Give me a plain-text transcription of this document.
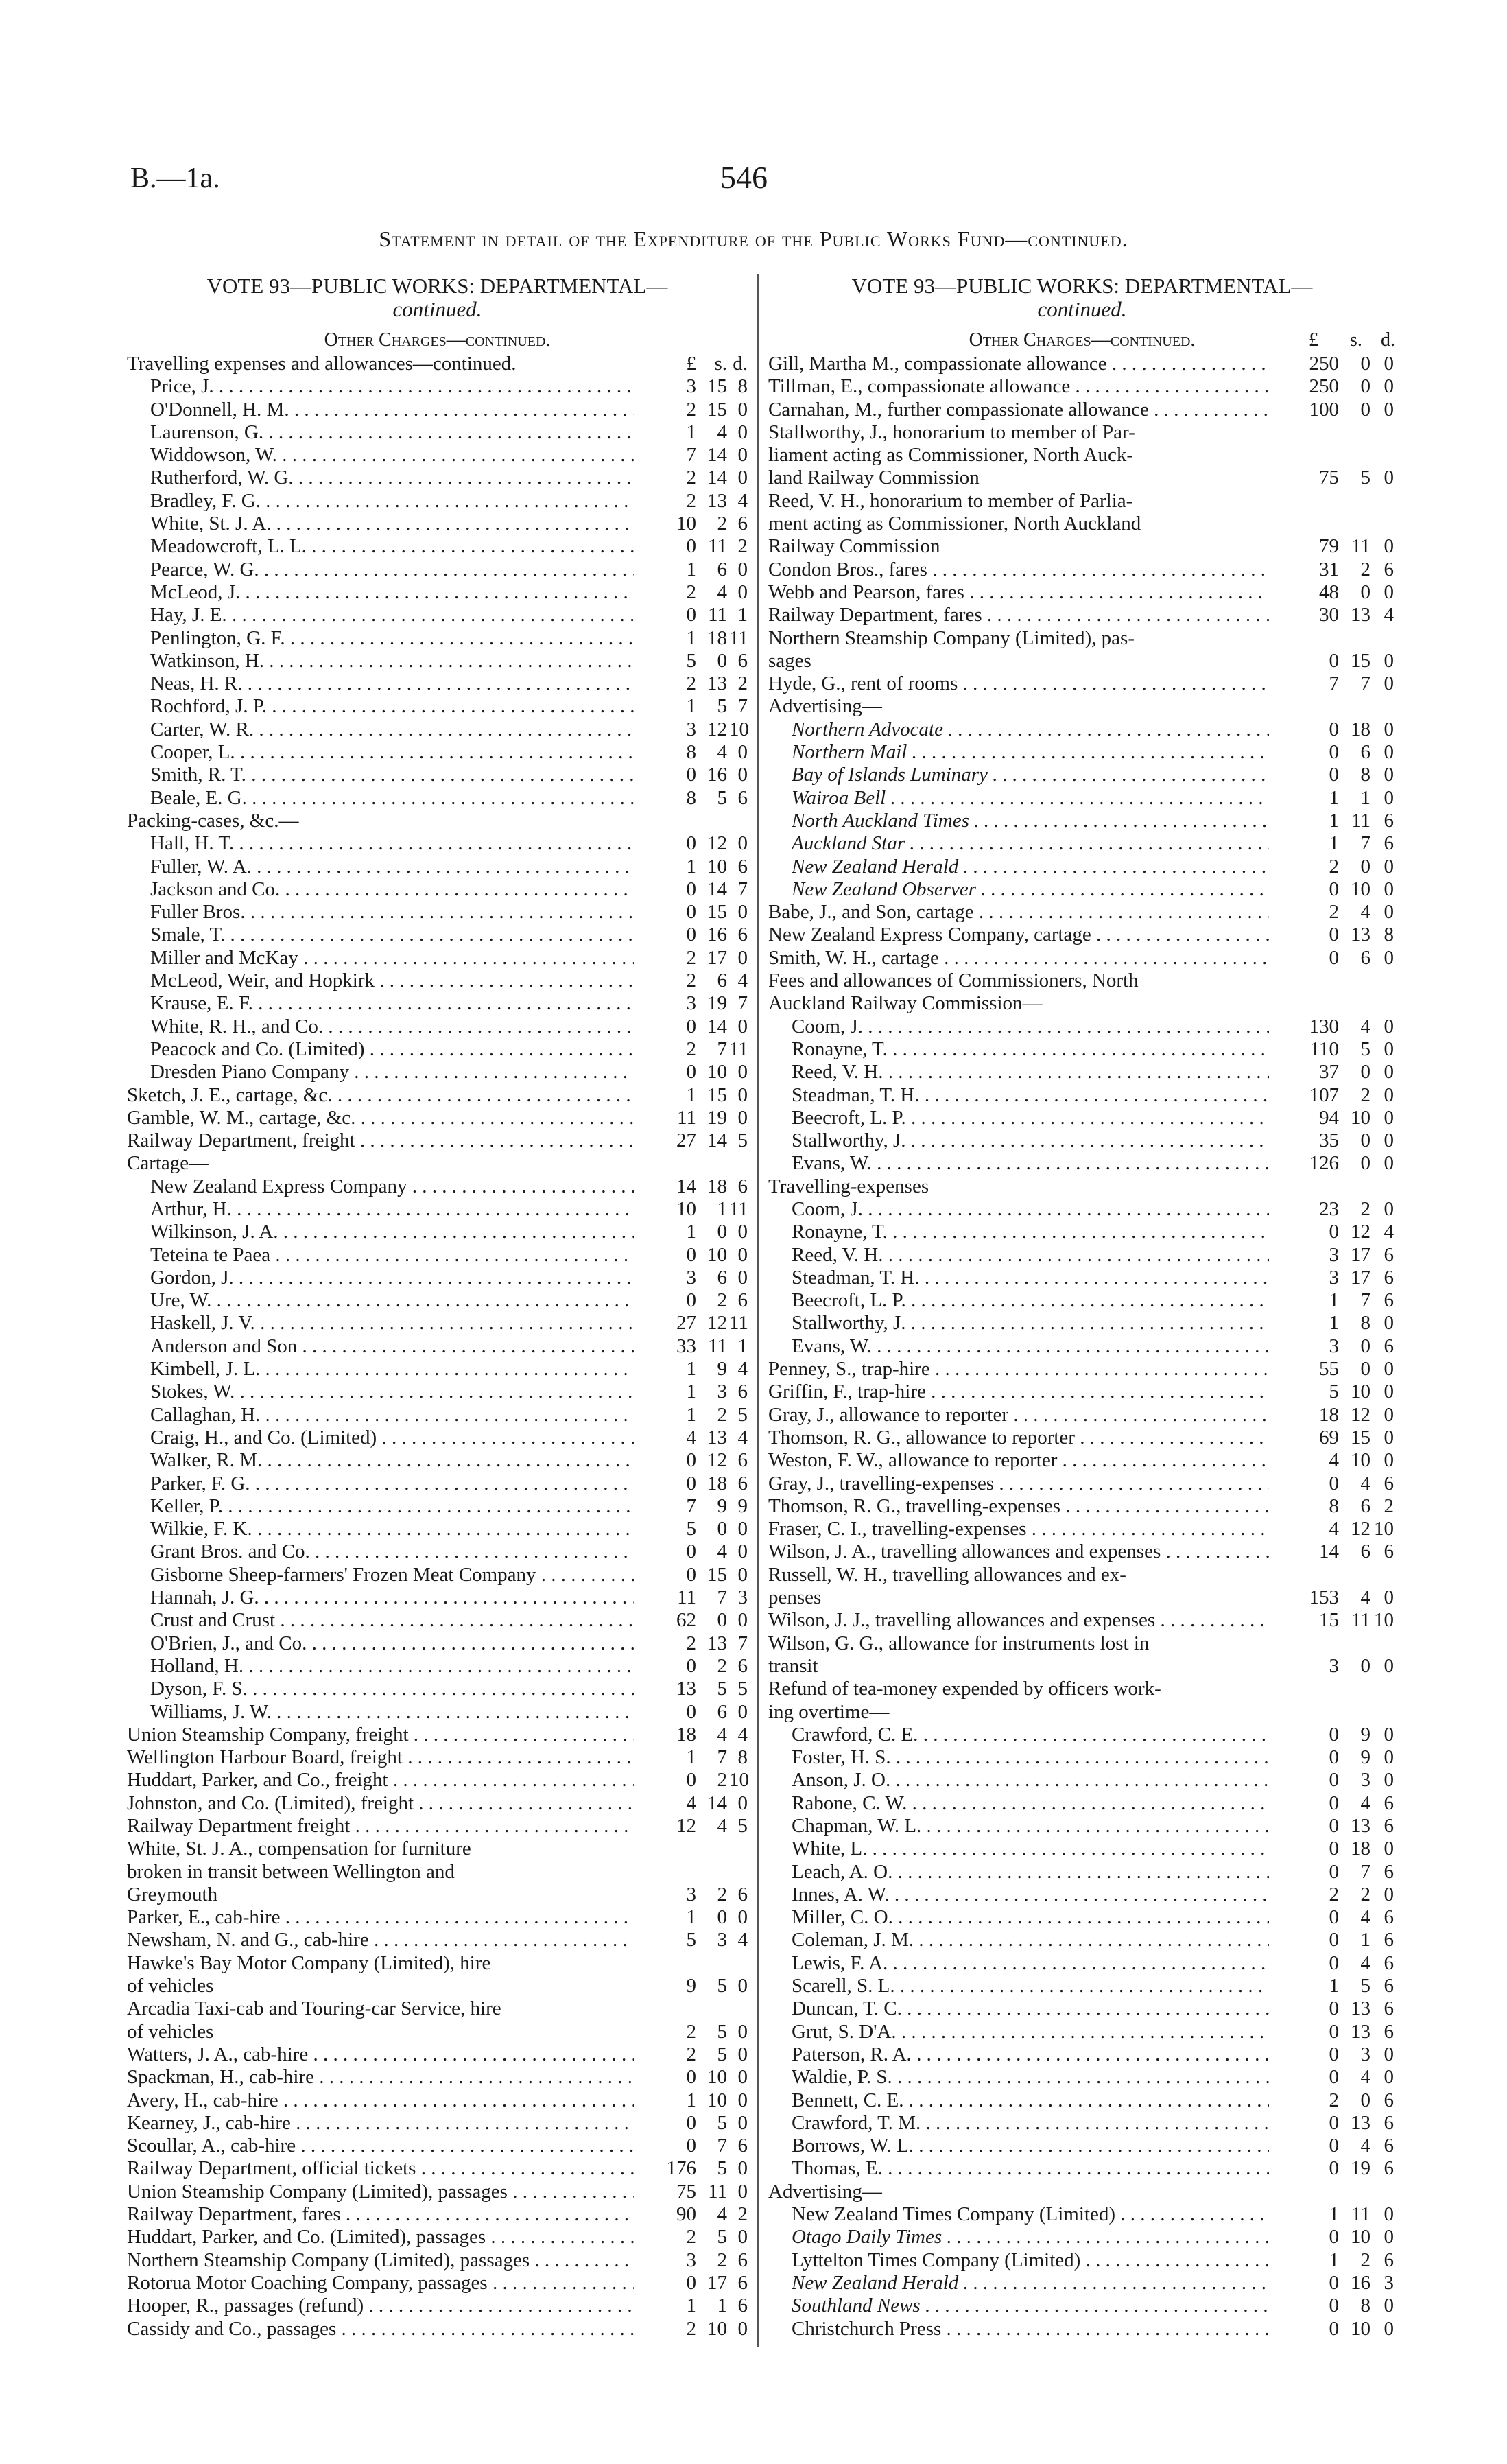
B.—1a.	546
Statement in detail of the Expenditure of the Public Works Fund—continued.
VOTE 93—PUBLIC WORKS: DEPARTMENTAL—
continued.
Other Charges—continued.
Travelling expenses and allowances—continued.	£ s. d.
Price, J. . .	3 15 8
O'Donnell, H. M. . .	2 15 0
Laurenson, G. . .	1	4 0
Widdowson, W. . .	7 14 0
Rutherford, W. G. . .	2 14 0
Bradley, F. G. . .	2 13 4
White, St. J. A. . .	10	2 6
Meadowcroft, L. L. . .	0 11 2
Pearce, W. G. . .	1	6 0
McLeod, J. . .	2	4 0
Hay, J. E. . .	0 11 1
Penlington, G. F. . .	1 18 11
Watkinson, H. . .	5	0 6
Neas, H. R. . .	2 13 2
Rochford, J. P. . .	1	5 7
Carter, W. R. . .	3 12 10
Cooper, L. . .	8	4 0
Smith, R. T. . .	0 16 0
Beale, E. G. . .	8	5 6
Packing-cases, &c.—
Hall, H. T. . .	0 12 0
Fuller, W. A. . .	1 10 6
Jackson and Co. . .	0 14 7
Fuller Bros. . .	0 15 0
Smale, T. . .	0 16 6
Miller and McKay . .	2 17 0
McLeod, Weir, and Hopkirk . .	2	6 4
Krause, E. F. . .	3 19 7
White, R. H., and Co. . .	0 14 0
Peacock and Co. (Limited) . .	2	7 11
Dresden Piano Company . .	0 10 0
Sketch, J. E., cartage, &c. . .	1 15 0
Gamble, W. M., cartage, &c. . .	11 19 0
Railway Department, freight . .	27 14 5
Cartage—
New Zealand Express Company . .	14 18 6
Arthur, H. . .	10	1 11
Wilkinson, J. A. . .	1	0 0
Teteina te Paea . .	0 10 0
Gordon, J. . .	3	6 0
Ure, W. . .	0	2 6
Haskell, J. V. . .	27 12 11
Anderson and Son . .	33 11 1
Kimbell, J. L. . .	1	9 4
Stokes, W. . .	1	3 6
Callaghan, H. . .	1	2 5
Craig, H., and Co. (Limited) . .	4 13 4
Walker, R. M. . .	0 12 6
Parker, F. G. . .	0 18 6
Keller, P. . .	7	9 9
Wilkie, F. K. . .	5	0 0
Grant Bros. and Co. . .	0	4 0
Gisborne Sheep-farmers' Frozen Meat Company . .	0 15 0
Hannah, J. G. . .	11	7 3
Crust and Crust . .	62	0 0
O'Brien, J., and Co. . .	2 13 7
Holland, H. . .	0	2 6
Dyson, F. S. . .	13	5 5
Williams, J. W. . .	0	6 0
Union Steamship Company, freight . .	18	4 4
Wellington Harbour Board, freight . .	1	7 8
Huddart, Parker, and Co., freight . .	0	2 10
Johnston, and Co. (Limited), freight . .	4 14 0
Railway Department freight . .	12	4 5
White, St. J. A., compensation for furniture
broken in transit between Wellington and
Greymouth	3	2 6
Parker, E., cab-hire . .	1	0 0
Newsham, N. and G., cab-hire . .	5	3 4
Hawke's Bay Motor Company (Limited), hire
of vehicles	9	5 0
Arcadia Taxi-cab and Touring-car Service, hire
of vehicles	2	5 0
Watters, J. A., cab-hire . .	2	5 0
Spackman, H., cab-hire . .	0 10 0
Avery, H., cab-hire . .	1 10 0
Kearney, J., cab-hire . .	0	5 0
Scoullar, A., cab-hire . .	0	7 6
Railway Department, official tickets . .	176	5 0
Union Steamship Company (Limited), passages . .	75 11 0
Railway Department, fares . .	90	4 2
Huddart, Parker, and Co. (Limited), passages . .	2	5 0
Northern Steamship Company (Limited), passages . .	3	2 6
Rotorua Motor Coaching Company, passages . .	0 17 6
Hooper, R., passages (refund) . .	1	1 6
Cassidy and Co., passages . .	2 10 0
VOTE 93—PUBLIC WORKS: DEPARTMENTAL—
continued.
Other Charges—continued.	£ s. d.
Gill, Martha M., compassionate allowance . .	250	0 0
Tillman, E., compassionate allowance . .	250	0 0
Carnahan, M., further compassionate allowance . .	100	0 0
Stallworthy, J., honorarium to member of Par-
liament acting as Commissioner, North Auck-
land Railway Commission	75	5 0
Reed, V. H., honorarium to member of Parlia-
ment acting as Commissioner, North Auckland
Railway Commission	79 11 0
Condon Bros., fares . .	31	2 6
Webb and Pearson, fares . .	48	0 0
Railway Department, fares . .	30 13 4
Northern Steamship Company (Limited), pas-
sages	0 15 0
Hyde, G., rent of rooms . .	7	7 0
Advertising—
Northern Advocate . .	0 18 0
Northern Mail . .	0	6 0
Bay of Islands Luminary . .	0	8 0
Wairoa Bell . .	1	1 0
North Auckland Times . .	1 11 6
Auckland Star . .	1	7 6
New Zealand Herald . .	2	0 0
New Zealand Observer . .	0 10 0
Babe, J., and Son, cartage . .	2	4 0
New Zealand Express Company, cartage . .	0 13 8
Smith, W. H., cartage . .	0	6 0
Fees and allowances of Commissioners, North
Auckland Railway Commission—
Coom, J. . .	130	4 0
Ronayne, T. . .	110	5 0
Reed, V. H. . .	37	0 0
Steadman, T. H. . .	107	2 0
Beecroft, L. P. . .	94 10 0
Stallworthy, J. . .	35	0 0
Evans, W. . .	126	0 0
Travelling-expenses
Coom, J. . .	23	2 0
Ronayne, T. . .	0 12 4
Reed, V. H. . .	3 17 6
Steadman, T. H. . .	3 17 6
Beecroft, L. P. . .	1	7 6
Stallworthy, J. . .	1	8 0
Evans, W. . .	3	0 6
Penney, S., trap-hire . .	55	0 0
Griffin, F., trap-hire . .	5 10 0
Gray, J., allowance to reporter . .	18 12 0
Thomson, R. G., allowance to reporter . .	69 15 0
Weston, F. W., allowance to reporter . .	4 10 0
Gray, J., travelling-expenses . .	0	4 6
Thomson, R. G., travelling-expenses . .	8	6 2
Fraser, C. I., travelling-expenses . .	4 12 10
Wilson, J. A., travelling allowances and expenses . .	14	6 6
Russell, W. H., travelling allowances and ex-
penses	153	4 0
Wilson, J. J., travelling allowances and expenses . .	15 11 10
Wilson, G. G., allowance for instruments lost in
transit	3	0 0
Refund of tea-money expended by officers work-
ing overtime—
Crawford, C. E. . .	0	9 0
Foster, H. S. . .	0	9 0
Anson, J. O. . .	0	3 0
Rabone, C. W. . .	0	4 6
Chapman, W. L. . .	0 13 6
White, L. . .	0 18 0
Leach, A. O. . .	0	7 6
Innes, A. W. . .	2	2 0
Miller, C. O. . .	0	4 6
Coleman, J. M. . .	0	1 6
Lewis, F. A. . .	0	4 6
Scarell, S. L. . .	1	5 6
Duncan, T. C. . .	0 13 6
Grut, S. D'A. . .	0 13 6
Paterson, R. A. . .	0	3 0
Waldie, P. S. . .	0	4 0
Bennett, C. E. . .	2	0 6
Crawford, T. M. . .	0 13 6
Borrows, W. L. . .	0	4 6
Thomas, E. . .	0 19 6
Advertising—
New Zealand Times Company (Limited) . .	1 11 0
Otago Daily Times . .	0 10 0
Lyttelton Times Company (Limited) . .	1	2 6
New Zealand Herald . .	0 16 3
Southland News . .	0	8 0
Christchurch Press . .	0 10 0
